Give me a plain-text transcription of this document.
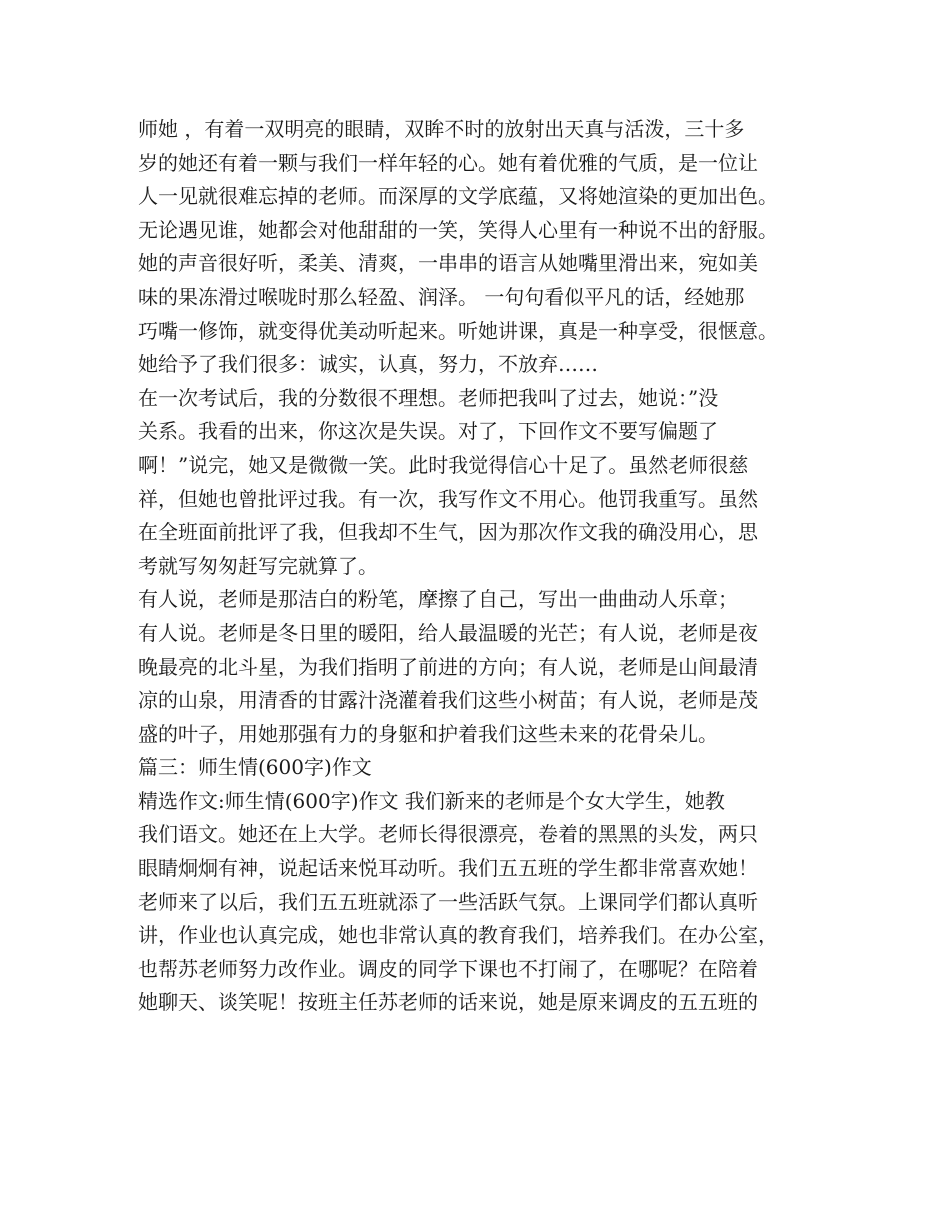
师她 ，有着一双明亮的眼睛，双眸不时的放射出天真与活泼，三十多
岁的她还有着一颗与我们一样年轻的心。她有着优雅的气质，是一位让
人一见就很难忘掉的老师。而深厚的文学底蕴，又将她渲染的更加出色。
无论遇见谁，她都会对他甜甜的一笑，笑得人心里有一种说不出的舒服。
她的声音很好听，柔美、清爽，一串串的语言从她嘴里滑出来，宛如美
味的果冻滑过喉咙时那么轻盈、润泽。 一句句看似平凡的话，经她那
巧嘴一修饰，就变得优美动听起来。听她讲课，真是一种享受，很惬意。
她给予了我们很多：诚实，认真，努力，不放弃……
在一次考试后，我的分数很不理想。老师把我叫了过去，她说：”没
关系。我看的出来，你这次是失误。对了，下回作文不要写偏题了
啊！”说完，她又是微微一笑。此时我觉得信心十足了。虽然老师很慈
祥，但她也曾批评过我。有一次，我写作文不用心。他罚我重写。虽然
在全班面前批评了我，但我却不生气，因为那次作文我的确没用心，思
考就写匆匆赶写完就算了。
有人说，老师是那洁白的粉笔，摩擦了自己，写出一曲曲动人乐章；
有人说。老师是冬日里的暖阳，给人最温暖的光芒；有人说，老师是夜
晚最亮的北斗星，为我们指明了前进的方向；有人说，老师是山间最清
凉的山泉，用清香的甘露汁浇灌着我们这些小树苗；有人说，老师是茂
盛的叶子，用她那强有力的身躯和护着我们这些未来的花骨朵儿。
篇三：师生情(600字)作文
精选作文:师生情(600字)作文 我们新来的老师是个女大学生，她教
我们语文。她还在上大学。老师长得很漂亮，卷着的黑黑的头发，两只
眼睛炯炯有神，说起话来悦耳动听。我们五五班的学生都非常喜欢她！
老师来了以后，我们五五班就添了一些活跃气氛。上课同学们都认真听
讲，作业也认真完成，她也非常认真的教育我们，培养我们。在办公室，
也帮苏老师努力改作业。调皮的同学下课也不打闹了，在哪呢？在陪着
她聊天、谈笑呢！按班主任苏老师的话来说，她是原来调皮的五五班的
